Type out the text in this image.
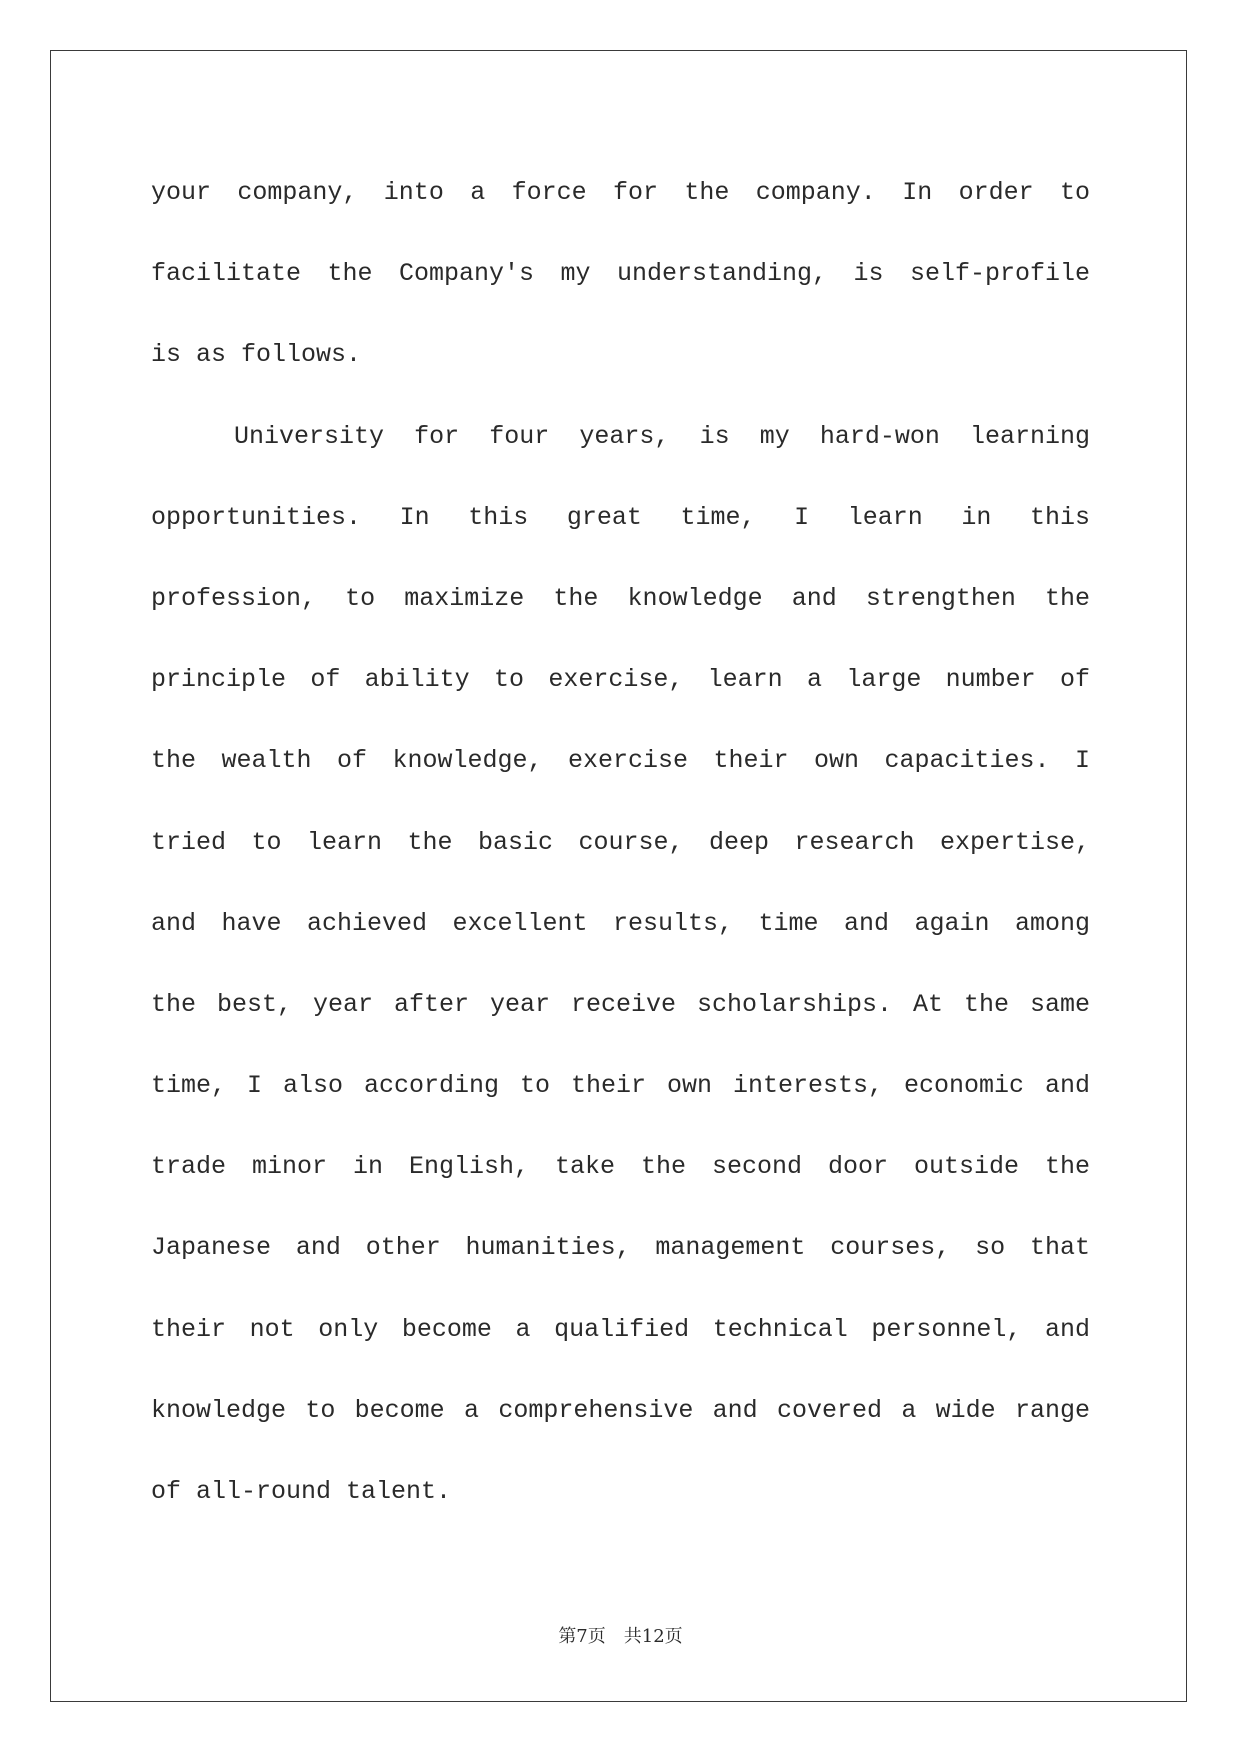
your company, into a force for the company. In order to
facilitate the Company's my understanding, is self-profile
is as follows.
University for four years, is my hard-won learning
opportunities. In this great time, I learn in this
profession, to maximize the knowledge and strengthen the
principle of ability to exercise, learn a large number of
the wealth of knowledge, exercise their own capacities. I
tried to learn the basic course, deep research expertise,
and have achieved excellent results, time and again among
the best, year after year receive scholarships. At the same
time, I also according to their own interests, economic and
trade minor in English, take the second door outside the
Japanese and other humanities, management courses, so that
their not only become a qualified technical personnel, and
knowledge to become a comprehensive and covered a wide range
of all-round talent.
第7页 共12页
